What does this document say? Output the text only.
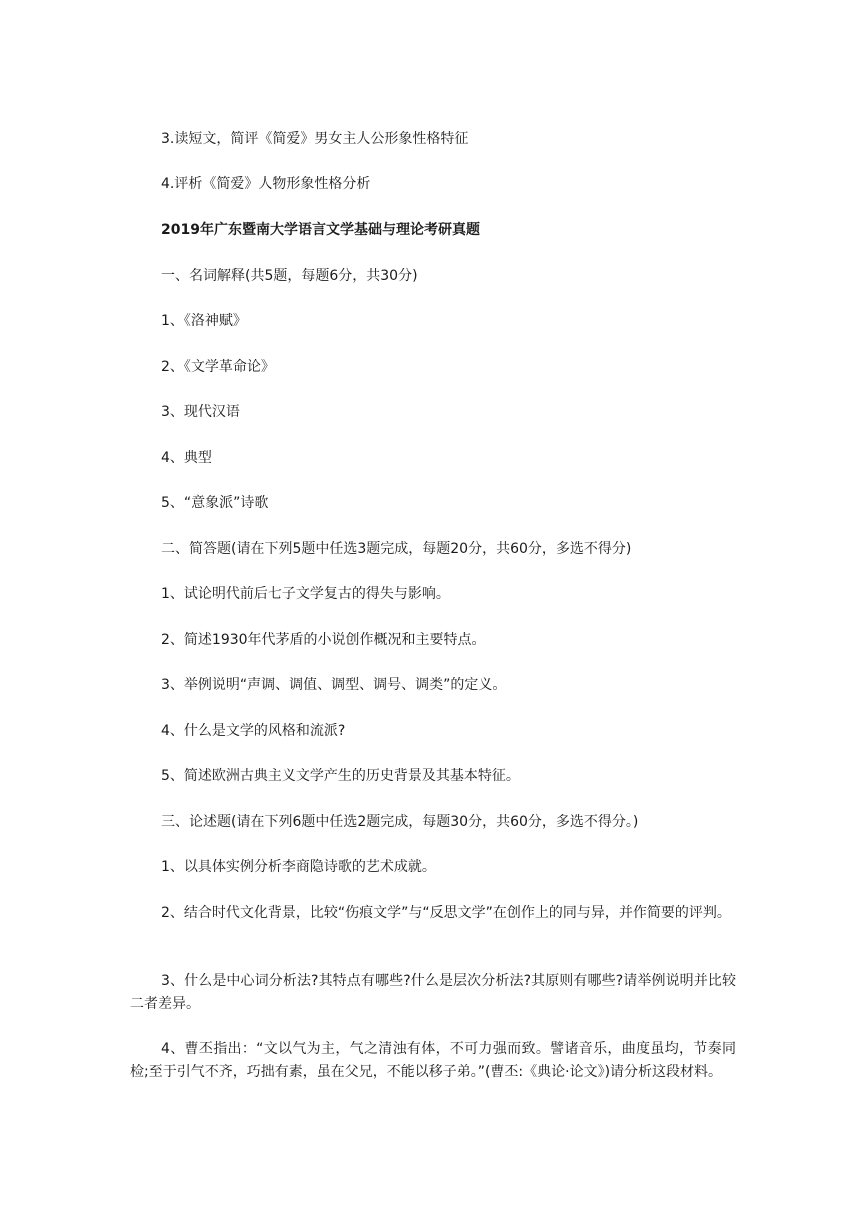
3.读短文，简评《简爱》男女主人公形象性格特征

4.评析《简爱》人物形象性格分析

2019年广东暨南大学语言文学基础与理论考研真题

一、名词解释(共5题，每题6分，共30分)

1、《洛神赋》

2、《文学革命论》

3、现代汉语

4、典型

5、“意象派”诗歌

二、简答题(请在下列5题中任选3题完成，每题20分，共60分，多选不得分)

1、试论明代前后七子文学复古的得失与影响。

2、简述1930年代茅盾的小说创作概况和主要特点。

3、举例说明“声调、调值、调型、调号、调类”的定义。

4、什么是文学的风格和流派?

5、简述欧洲古典主义文学产生的历史背景及其基本特征。

三、论述题(请在下列6题中任选2题完成，每题30分，共60分，多选不得分。)

1、以具体实例分析李商隐诗歌的艺术成就。

2、结合时代文化背景，比较“伤痕文学”与“反思文学”在创作上的同与异，并作简要的评判。

3、什么是中心词分析法?其特点有哪些?什么是层次分析法?其原则有哪些?请举例说明并比较二者差异。

4、曹丕指出：“文以气为主，气之清浊有体，不可力强而致。譬诸音乐，曲度虽均，节奏同检;至于引气不齐，巧拙有素，虽在父兄，不能以移子弟。”(曹丕:《典论·论文》)请分析这段材料。
